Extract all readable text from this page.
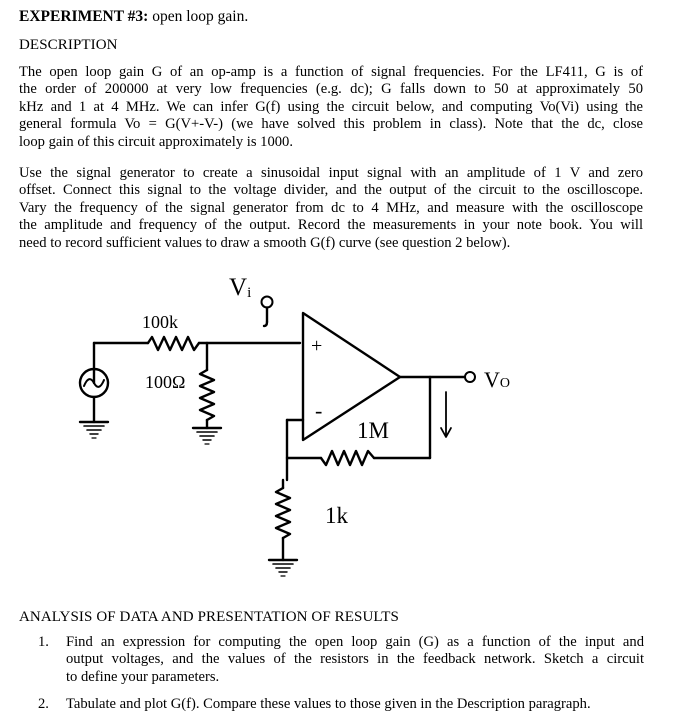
EXPERIMENT #3: open loop gain.
DESCRIPTION
The open loop gain G of an op-amp is a function of signal frequencies. For the LF411, G is of
the order of 200000 at very low frequencies (e.g. dc); G falls down to 50 at approximately 50
kHz and 1 at 4 MHz. We can infer G(f) using the circuit below, and computing Vo(Vi) using the
general formula Vo = G(V+-V-) (we have solved this problem in class). Note that the dc, close
loop gain of this circuit approximately is 1000.
Use the signal generator to create a sinusoidal input signal with an amplitude of 1 V and zero
offset. Connect this signal to the voltage divider, and the output of the circuit to the oscilloscope.
Vary the frequency of the signal generator from dc to 4 MHz, and measure with the oscilloscope
the amplitude and frequency of the output. Record the measurements in your note book. You will
need to record sufficient values to draw a smooth G(f) curve (see question 2 below).
Vi
100k
100Ω
+
-
1M
1k
VO
ANALYSIS OF DATA AND PRESENTATION OF RESULTS
1. Find an expression for computing the open loop gain (G) as a function of the input and
output voltages, and the values of the resistors in the feedback network. Sketch a circuit
to define your parameters.
2. Tabulate and plot G(f). Compare these values to those given in the Description paragraph.
